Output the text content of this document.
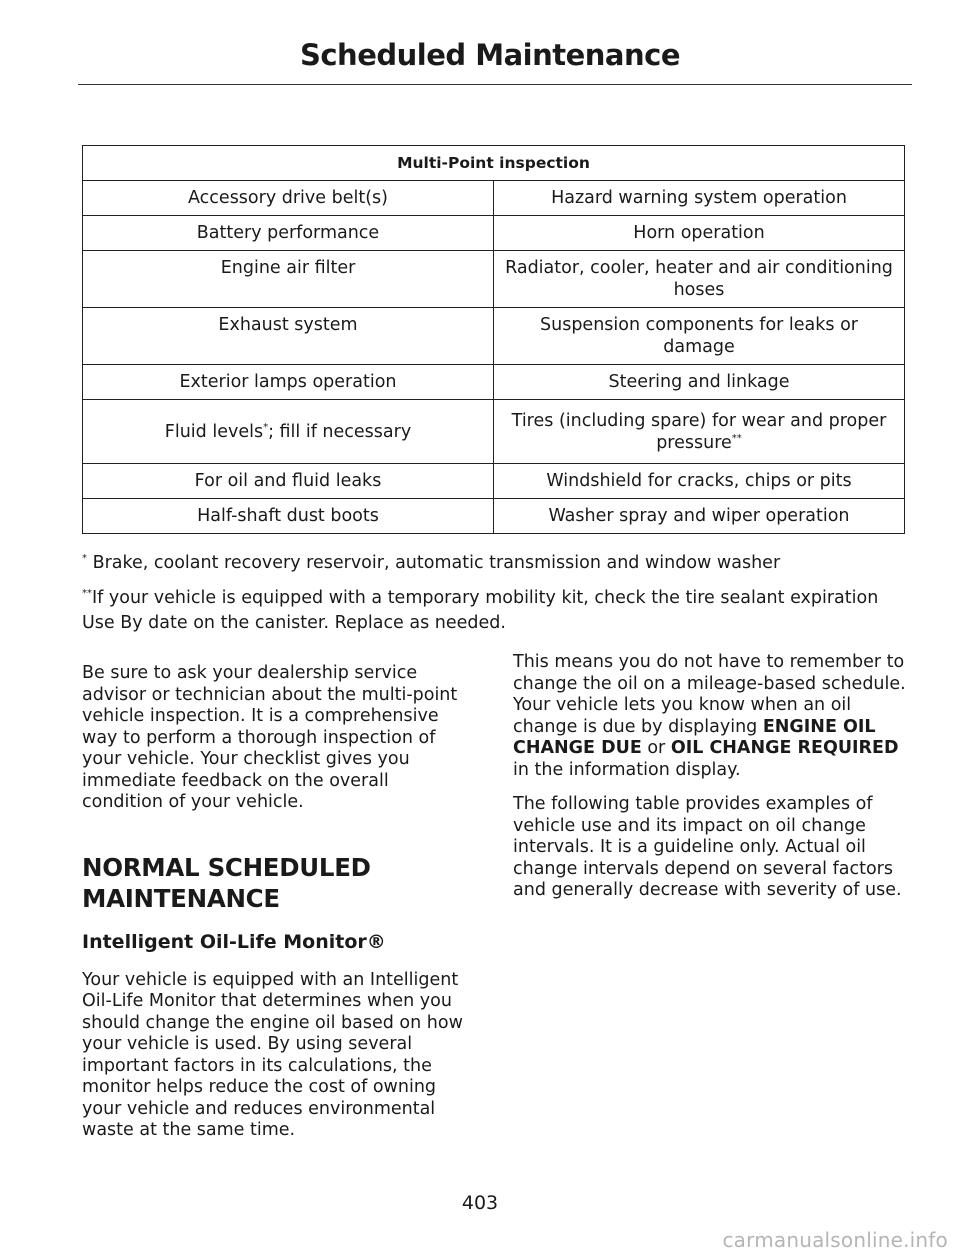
Scheduled Maintenance
Multi-Point inspection	
Accessory drive belt(s)	Hazard warning system operation
Battery performance	Horn operation
Engine air filter	Radiator, cooler, heater and air conditioning hoses
Exhaust system	Suspension components for leaks or damage
Exterior lamps operation	Steering and linkage
Fluid levels*; fill if necessary	Tires (including spare) for wear and proper pressure**
For oil and fluid leaks	Windshield for cracks, chips or pits
Half-shaft dust boots	Washer spray and wiper operation

* Brake, coolant recovery reservoir, automatic transmission and window washer

**If your vehicle is equipped with a temporary mobility kit, check the tire sealant expiration Use By date on the canister. Replace as needed.

Be sure to ask your dealership service advisor or technician about the multi-point vehicle inspection. It is a comprehensive way to perform a thorough inspection of your vehicle. Your checklist gives you immediate feedback on the overall condition of your vehicle.

NORMAL SCHEDULED MAINTENANCE

Intelligent Oil-Life Monitor®

Your vehicle is equipped with an Intelligent Oil-Life Monitor that determines when you should change the engine oil based on how your vehicle is used. By using several important factors in its calculations, the monitor helps reduce the cost of owning your vehicle and reduces environmental waste at the same time.

This means you do not have to remember to change the oil on a mileage-based schedule. Your vehicle lets you know when an oil change is due by displaying ENGINE OIL CHANGE DUE or OIL CHANGE REQUIRED in the information display.

The following table provides examples of vehicle use and its impact on oil change intervals. It is a guideline only. Actual oil change intervals depend on several factors and generally decrease with severity of use.

403

carmanualsonline.info
